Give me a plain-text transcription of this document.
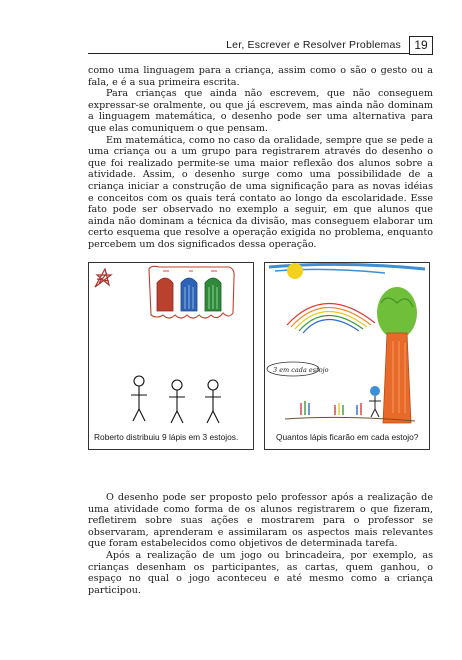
Ler, Escrever e Resolver Problemas	19

como uma linguagem para a criança, assim como o são o gesto ou a fala, e é a sua primeira escrita.

Para crianças que ainda não escrevem, que não conseguem expressar-se oralmente, ou que já escrevem, mas ainda não dominam a linguagem matemática, o desenho pode ser uma alternativa para que elas comuniquem o que pensam.

Em matemática, como no caso da oralidade, sempre que se pede a uma criança ou a um grupo para registrarem através do desenho o que foi realizado permite-se uma maior reflexão dos alunos sobre a atividade. Assim, o desenho surge como uma possibilidade de a criança iniciar a construção de uma significação para as novas idéias e conceitos com os quais terá contato ao longo da escolaridade. Esse fato pode ser observado no exemplo a seguir, em que alunos que ainda não dominam a técnica da divisão, mas conseguem elaborar um certo esquema que resolve a operação exigida no problema, enquanto percebem um dos significados dessa operação.

3 em cada estojo
Roberto distribuiu 9 lápis em 3 estojos.	Quantos lápis ficarão em cada estojo?

O desenho pode ser proposto pelo professor após a realização de uma atividade como forma de os alunos registrarem o que fizeram, refletirem sobre suas ações e mostrarem para o professor se observaram, aprenderam e assimilaram os aspectos mais relevantes que foram estabelecidos como objetivos de determinada tarefa.

Após a realização de um jogo ou brincadeira, por exemplo, as crianças desenham os participantes, as cartas, quem ganhou, o espaço no qual o jogo aconteceu e até mesmo como a criança participou.
